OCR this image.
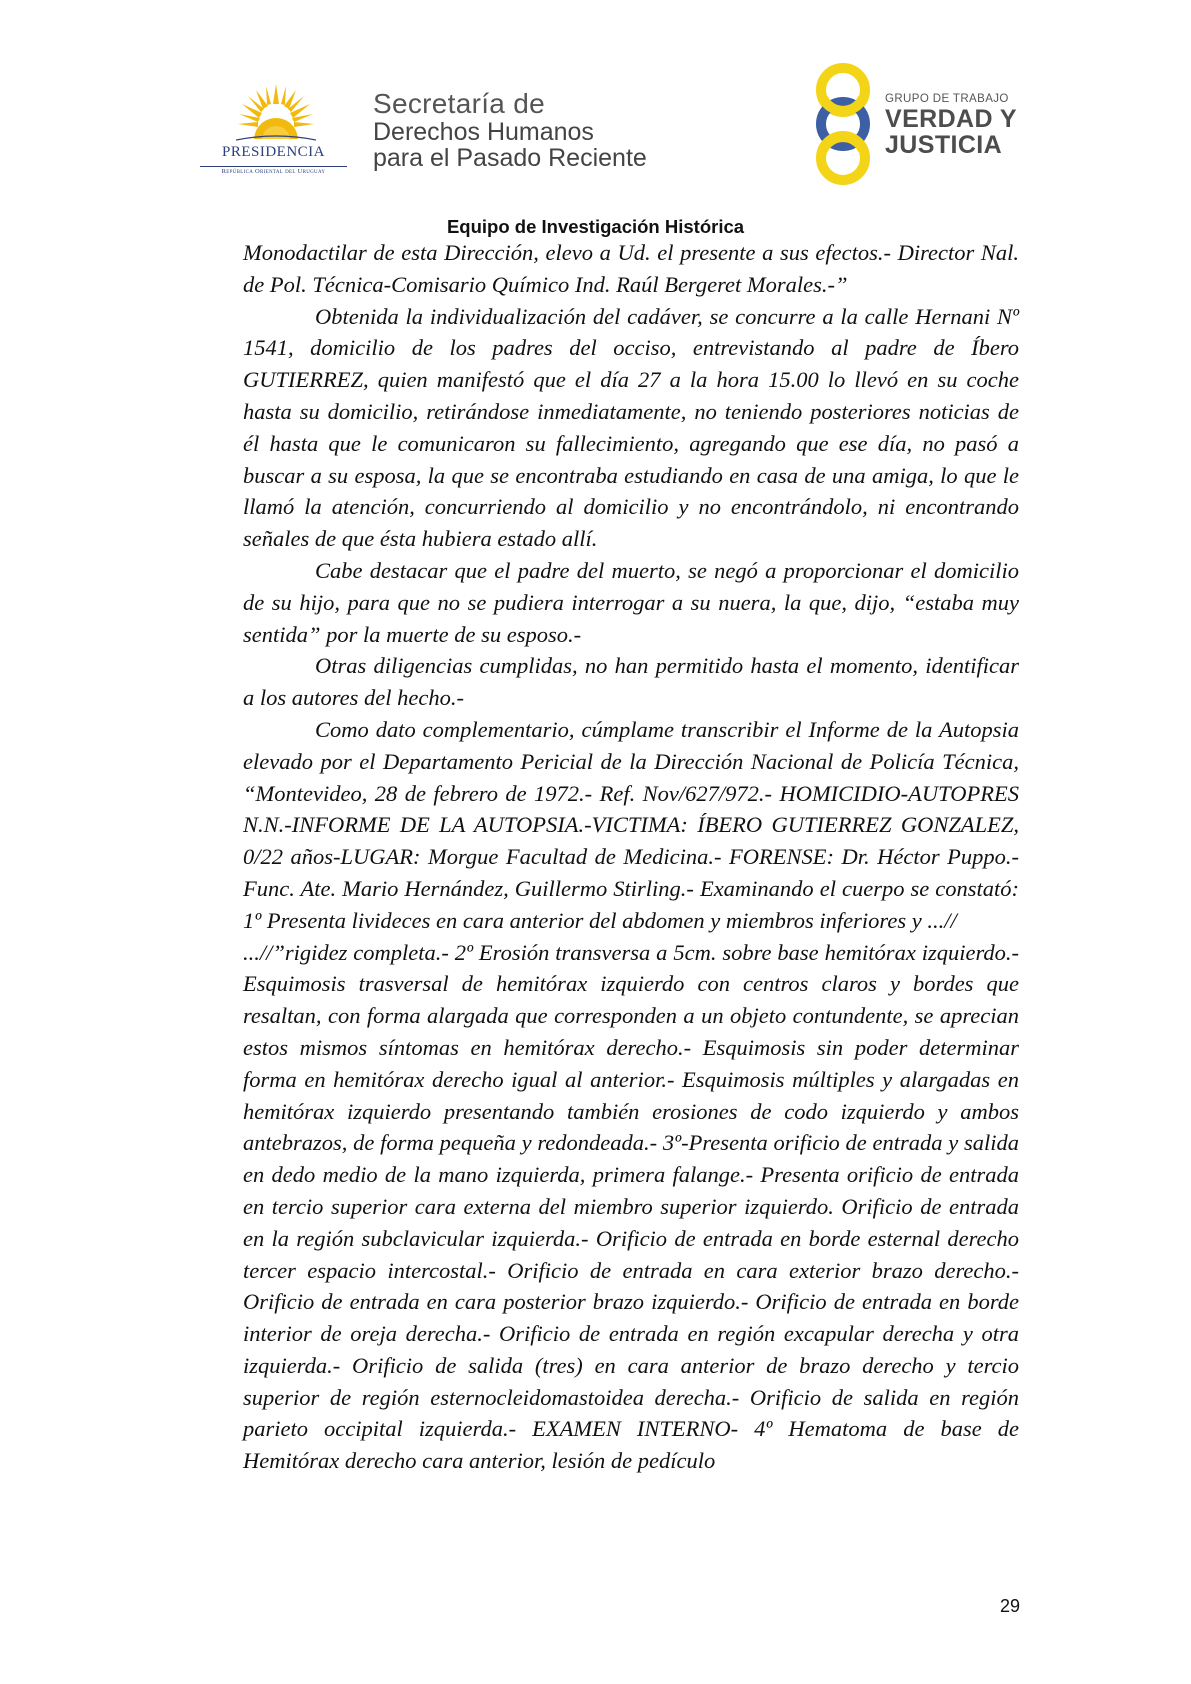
PRESIDENCIA
República Oriental del Uruguay
Secretaría de
Derechos Humanos
para el Pasado Reciente
GRUPO DE TRABAJO
VERDAD Y
JUSTICIA
Equipo de Investigación Histórica

Monodactilar de esta Dirección, elevo a Ud. el presente a sus efectos.- Director Nal. de Pol. Técnica-Comisario Químico Ind. Raúl Bergeret Morales.-”

Obtenida la individualización del cadáver, se concurre a la calle Hernani Nº 1541, domicilio de los padres del occiso, entrevistando al padre de Íbero GUTIERREZ, quien manifestó que el día 27 a la hora 15.00 lo llevó en su coche hasta su domicilio, retirándose inmediatamente, no teniendo posteriores noticias de él hasta que le comunicaron su fallecimiento, agregando que ese día, no pasó a buscar a su esposa, la que se encontraba estudiando en casa de una amiga, lo que le llamó la atención, concurriendo al domicilio y no encontrándolo, ni encontrando señales de que ésta hubiera estado allí.

Cabe destacar que el padre del muerto, se negó a proporcionar el domicilio de su hijo, para que no se pudiera interrogar a su nuera, la que, dijo, “estaba muy sentida” por la muerte de su esposo.-

Otras diligencias cumplidas, no han permitido hasta el momento, identificar a los autores del hecho.-

Como dato complementario, cúmplame transcribir el Informe de la Autopsia elevado por el Departamento Pericial de la Dirección Nacional de Policía Técnica, “Montevideo, 28 de febrero de 1972.- Ref. Nov/627/972.- HOMICIDIO-AUTOPRES N.N.-INFORME DE LA AUTOPSIA.-VICTIMA: ÍBERO GUTIERREZ GONZALEZ, 0/22 años-LUGAR: Morgue Facultad de Medicina.- FORENSE: Dr. Héctor Puppo.- Func. Ate. Mario Hernández, Guillermo Stirling.- Examinando el cuerpo se constató: 1º Presenta livideces en cara anterior del abdomen y miembros inferiores y ...//

...//”rigidez completa.- 2º Erosión transversa a 5cm. sobre base hemitórax izquierdo.- Esquimosis trasversal de hemitórax izquierdo con centros claros y bordes que resaltan, con forma alargada que corresponden a un objeto contundente, se aprecian estos mismos síntomas en hemitórax derecho.- Esquimosis sin poder determinar forma en hemitórax derecho igual al anterior.- Esquimosis múltiples y alargadas en hemitórax izquierdo presentando también erosiones de codo izquierdo y ambos antebrazos, de forma pequeña y redondeada.- 3º-Presenta orificio de entrada y salida en dedo medio de la mano izquierda, primera falange.- Presenta orificio de entrada en tercio superior cara externa del miembro superior izquierdo. Orificio de entrada en la región subclavicular izquierda.- Orificio de entrada en borde esternal derecho tercer espacio intercostal.- Orificio de entrada en cara exterior brazo derecho.- Orificio de entrada en cara posterior brazo izquierdo.- Orificio de entrada en borde interior de oreja derecha.- Orificio de entrada en región excapular derecha y otra izquierda.- Orificio de salida (tres) en cara anterior de brazo derecho y tercio superior de región esternocleidomastoidea derecha.- Orificio de salida en región parieto occipital izquierda.- EXAMEN INTERNO- 4º Hematoma de base de Hemitórax derecho cara anterior, lesión de pedículo

29
